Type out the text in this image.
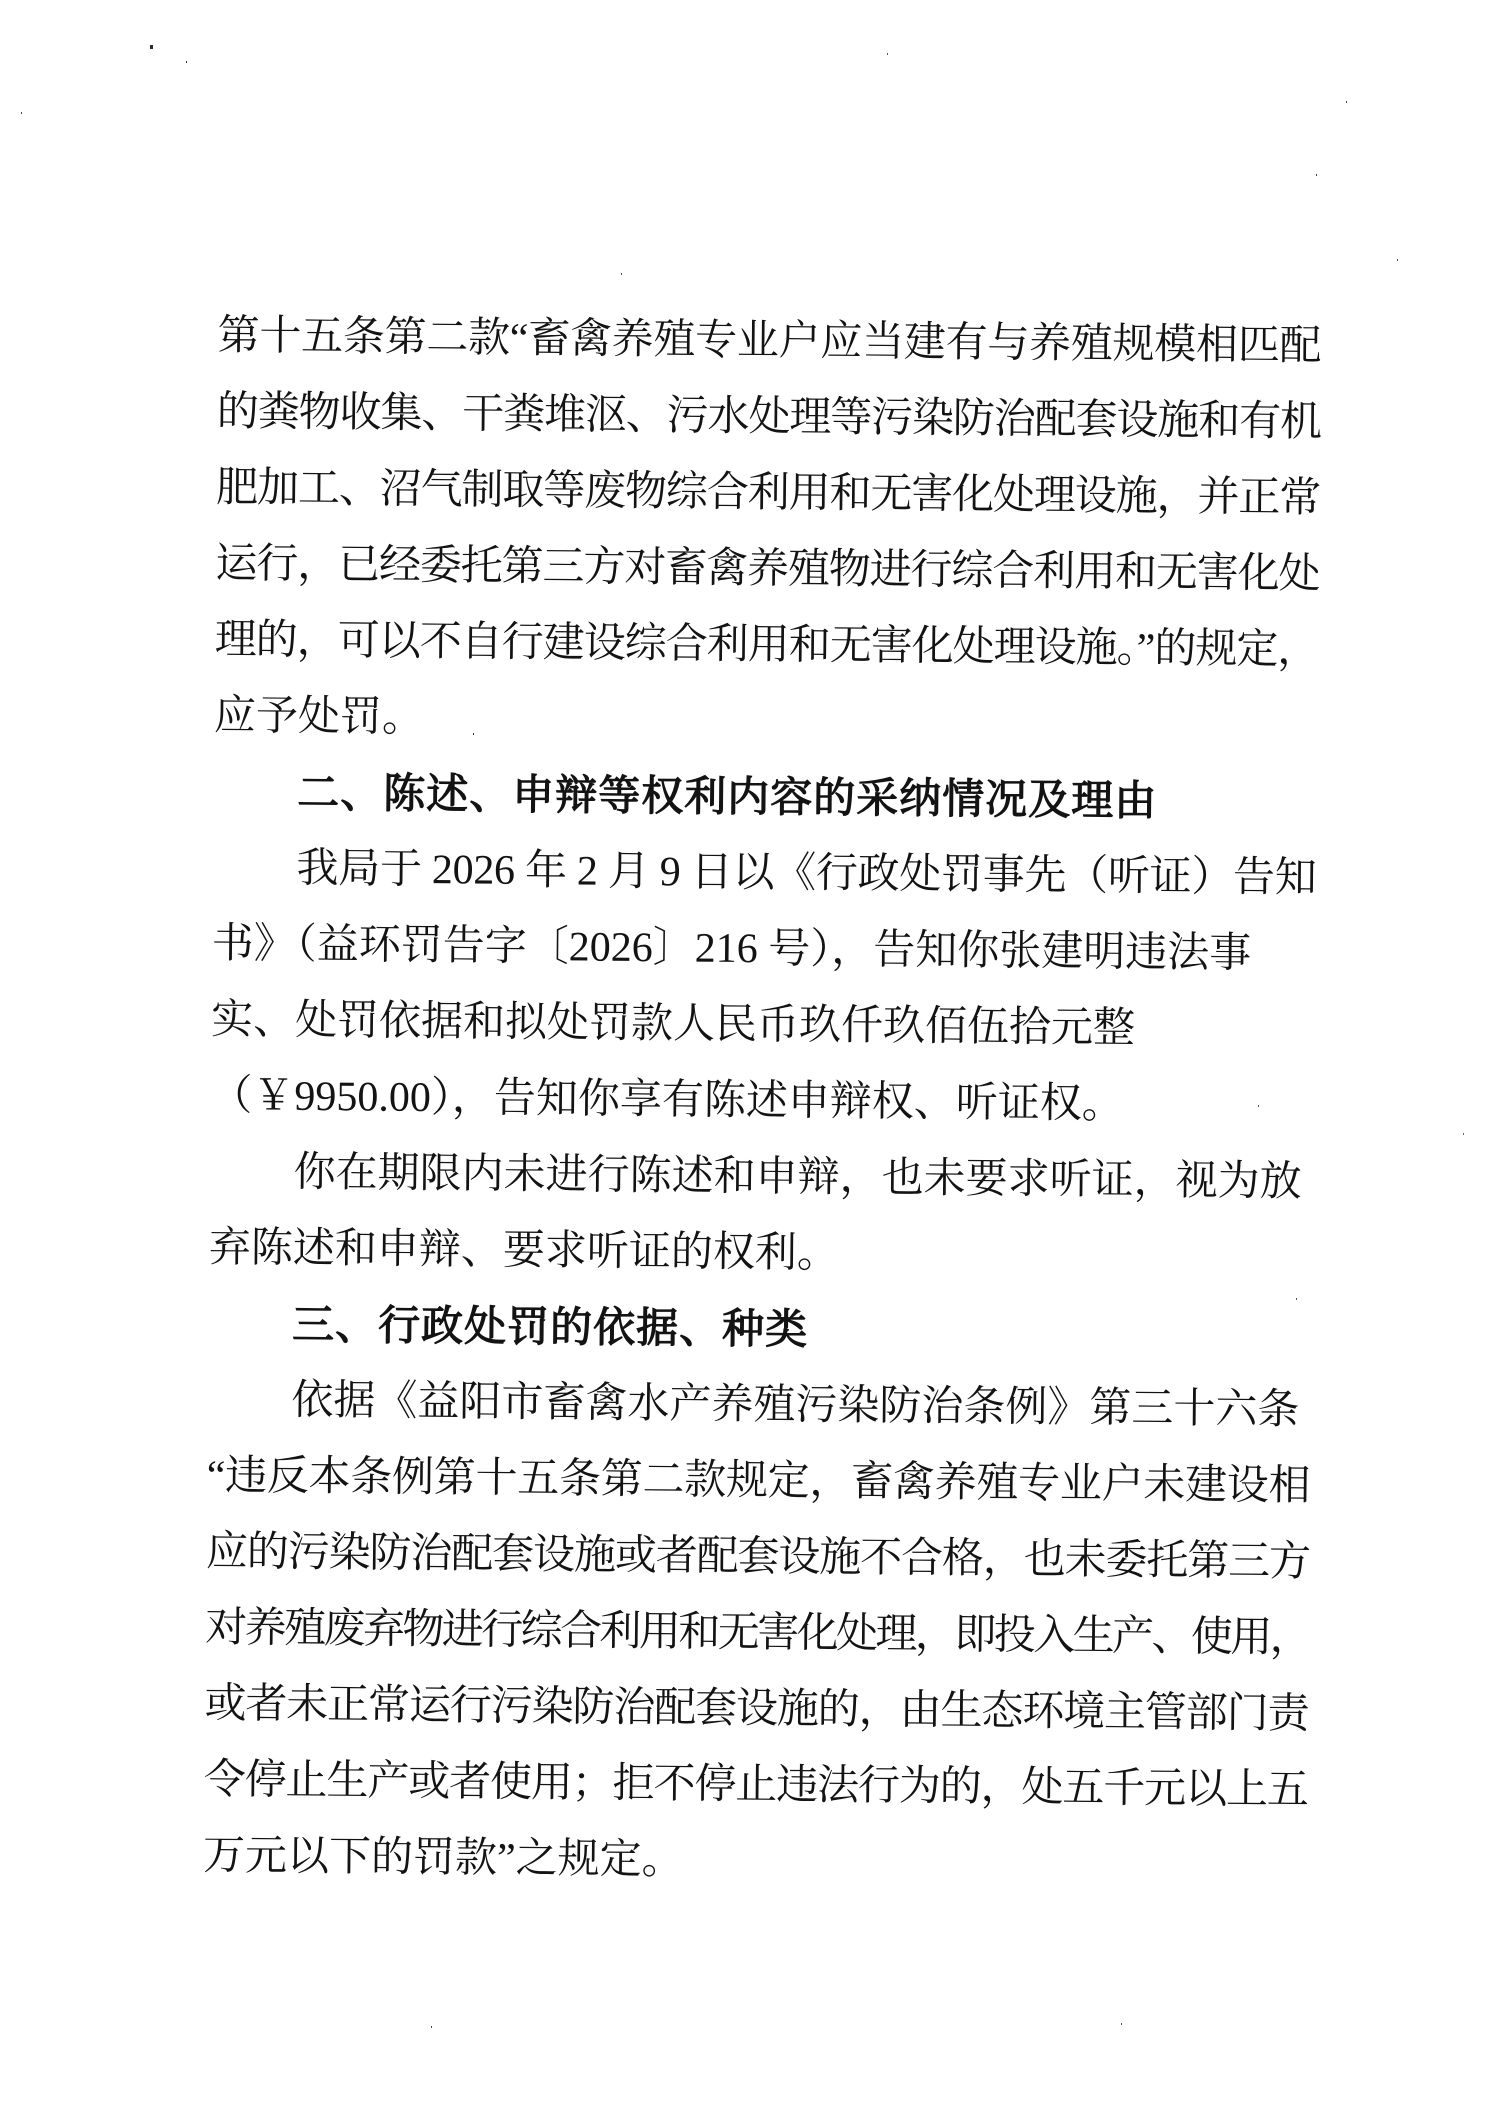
第十五条第二款“畜禽养殖专业户应当建有与养殖规模相匹配
的粪物收集、干粪堆沤、污水处理等污染防治配套设施和有机
肥加工、沼气制取等废物综合利用和无害化处理设施，并正常
运行，已经委托第三方对畜禽养殖物进行综合利用和无害化处
理的，可以不自行建设综合利用和无害化处理设施。”的规定，
应予处罚。
二、陈述、申辩等权利内容的采纳情况及理由
我局于 2026 年 2 月 9 日以《行政处罚事先（听证）告知
书》（益环罚告字〔2026〕216 号），告知你张建明违法事
实、处罚依据和拟处罚款人民币玖仟玖佰伍拾元整
（￥9950.00），告知你享有陈述申辩权、听证权。
你在期限内未进行陈述和申辩，也未要求听证，视为放
弃陈述和申辩、要求听证的权利。
三、行政处罚的依据、种类
依据《益阳市畜禽水产养殖污染防治条例》第三十六条
“违反本条例第十五条第二款规定，畜禽养殖专业户未建设相
应的污染防治配套设施或者配套设施不合格，也未委托第三方
对养殖废弃物进行综合利用和无害化处理，即投入生产、使用，
或者未正常运行污染防治配套设施的，由生态环境主管部门责
令停止生产或者使用；拒不停止违法行为的，处五千元以上五
万元以下的罚款”之规定。
